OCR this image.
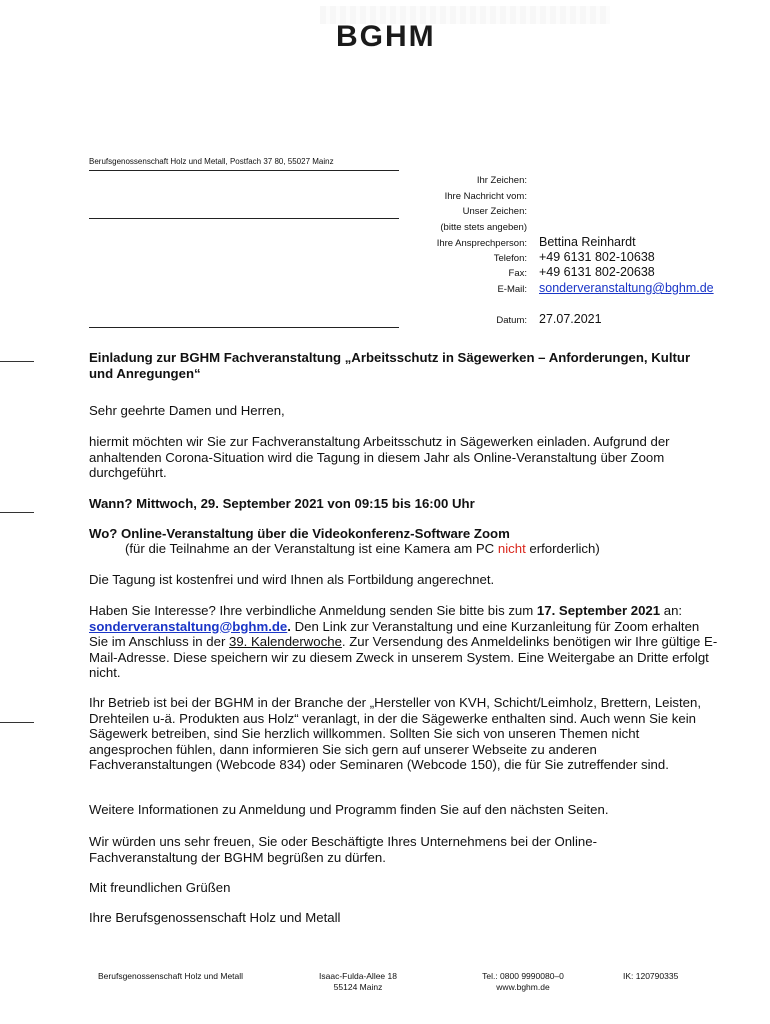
BGHM
Berufsgenossenschaft Holz und Metall, Postfach 37 80, 55027 Mainz
Ihr Zeichen:
Ihre Nachricht vom:
Unser Zeichen:
(bitte stets angeben)
Ihre Ansprechperson: Bettina Reinhardt
Telefon: +49 6131 802-10638
Fax: +49 6131 802-20638
E-Mail: sonderveranstaltung@bghm.de
Datum: 27.07.2021
Einladung zur BGHM Fachveranstaltung „Arbeitsschutz in Sägewerken – Anforderungen, Kultur und Anregungen“
Sehr geehrte Damen und Herren,
hiermit möchten wir Sie zur Fachveranstaltung Arbeitsschutz in Sägewerken einladen. Aufgrund der anhaltenden Corona-Situation wird die Tagung in diesem Jahr als Online-Veranstaltung über Zoom durchgeführt.
Wann? Mittwoch, 29. September 2021 von 09:15 bis 16:00 Uhr
Wo? Online-Veranstaltung über die Videokonferenz-Software Zoom
(für die Teilnahme an der Veranstaltung ist eine Kamera am PC nicht erforderlich)
Die Tagung ist kostenfrei und wird Ihnen als Fortbildung angerechnet.
Haben Sie Interesse? Ihre verbindliche Anmeldung senden Sie bitte bis zum 17. September 2021 an: sonderveranstaltung@bghm.de. Den Link zur Veranstaltung und eine Kurzanleitung für Zoom erhalten Sie im Anschluss in der 39. Kalenderwoche. Zur Versendung des Anmeldelinks benötigen wir Ihre gültige E-Mail-Adresse. Diese speichern wir zu diesem Zweck in unserem System. Eine Weitergabe an Dritte erfolgt nicht.
Ihr Betrieb ist bei der BGHM in der Branche der „Hersteller von KVH, Schicht/Leimholz, Brettern, Leisten, Drehteilen u-ä. Produkten aus Holz“ veranlagt, in der die Sägewerke enthalten sind. Auch wenn Sie kein Sägewerk betreiben, sind Sie herzlich willkommen. Sollten Sie sich von unseren Themen nicht angesprochen fühlen, dann informieren Sie sich gern auf unserer Webseite zu anderen Fachveranstaltungen (Webcode 834) oder Seminaren (Webcode 150), die für Sie zutreffender sind.
Weitere Informationen zu Anmeldung und Programm finden Sie auf den nächsten Seiten.
Wir würden uns sehr freuen, Sie oder Beschäftigte Ihres Unternehmens bei der Online-Fachveranstaltung der BGHM begrüßen zu dürfen.
Mit freundlichen Grüßen
Ihre Berufsgenossenschaft Holz und Metall
Berufsgenossenschaft Holz und Metall	Isaac-Fulda-Allee 18
55124 Mainz
Tel.: 0800 9990080–0
www.bghm.de
IK: 120790335
